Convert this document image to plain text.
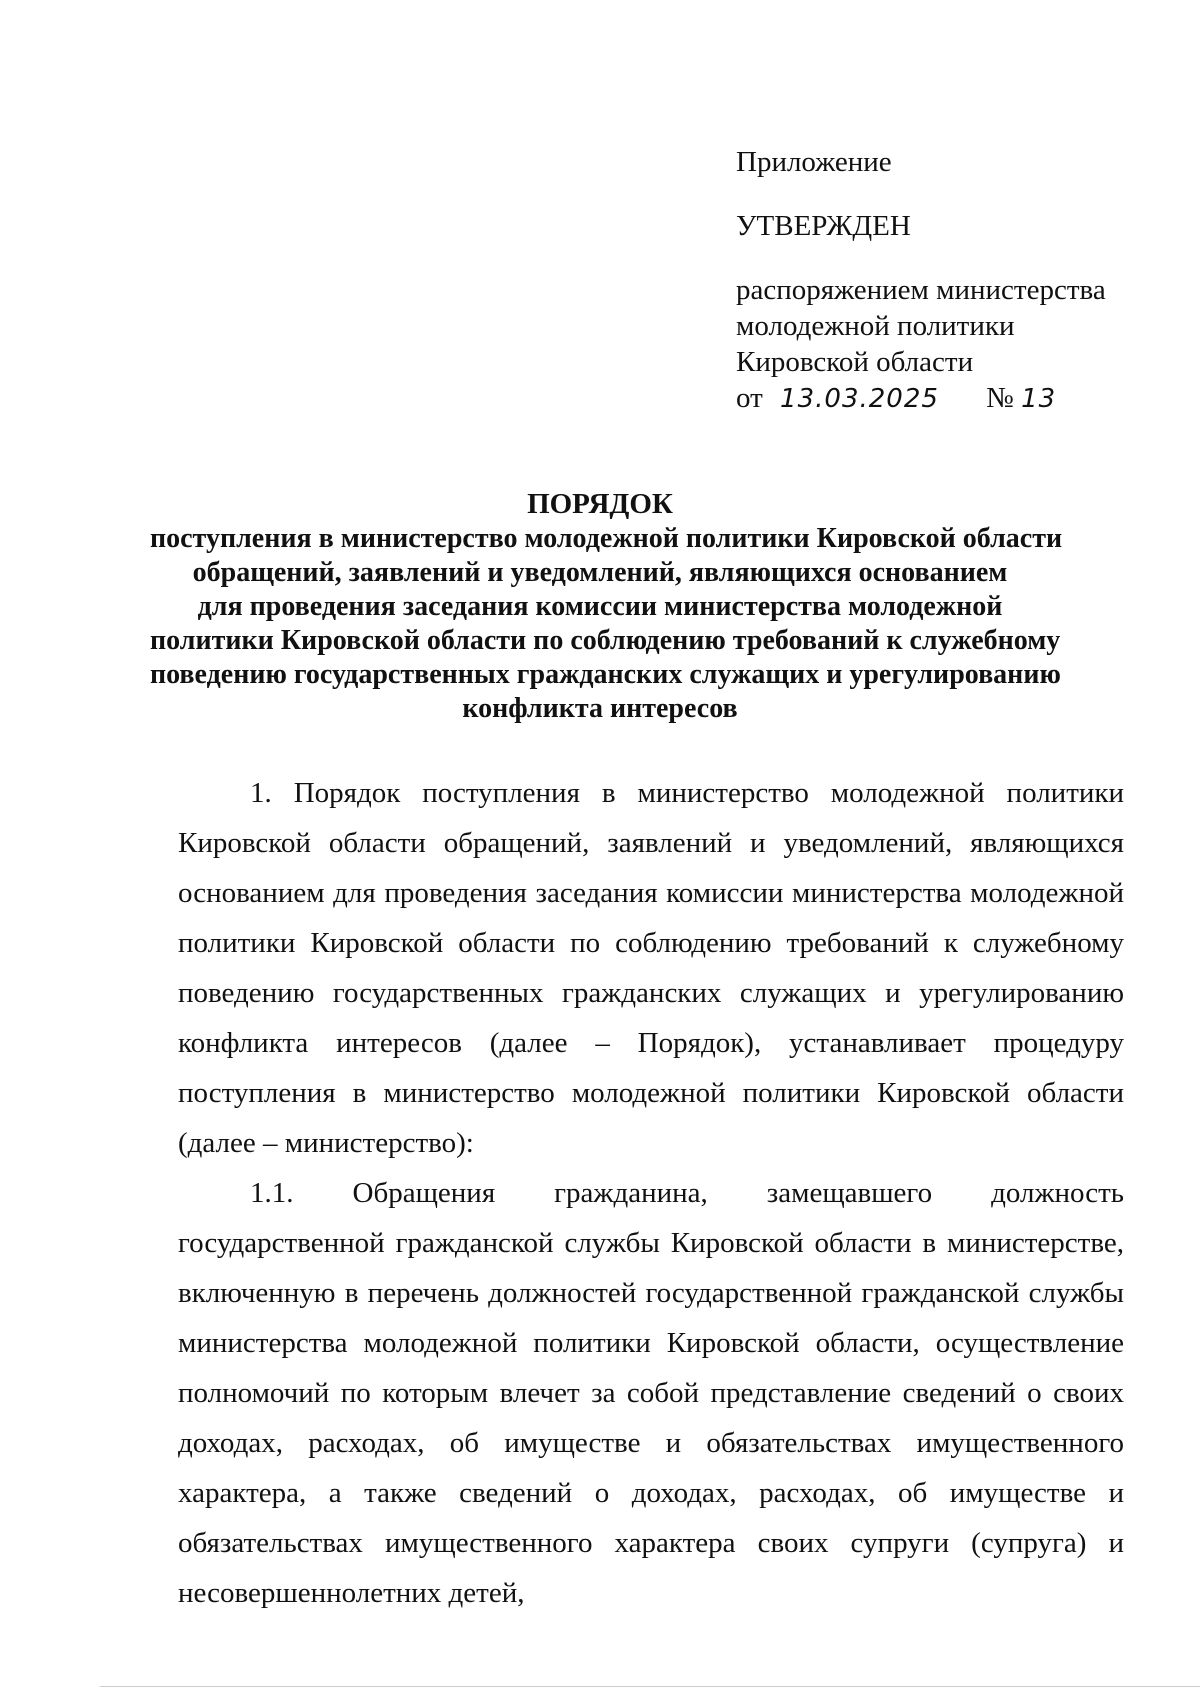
Приложение
УТВЕРЖДЕН
распоряжением министерства
молодежной политики
Кировской области
от 13.03.2025 № 13
ПОРЯДОК
поступления в министерство молодежной политики Кировской области
обращений, заявлений и уведомлений, являющихся основанием
для проведения заседания комиссии министерства молодежной
политики Кировской области по соблюдению требований к служебному
поведению государственных гражданских служащих и урегулированию
конфликта интересов

1. Порядок поступления в министерство молодежной политики Кировской области обращений, заявлений и уведомлений, являющихся основанием для проведения заседания комиссии министерства молодежной политики Кировской области по соблюдению требований к служебному поведению государственных гражданских служащих и урегулированию конфликта интересов (далее – Порядок), устанавливает процедуру поступления в министерство молодежной политики Кировской области (далее – министерство):

1.1. Обращения гражданина, замещавшего должность государственной гражданской службы Кировской области в министерстве, включенную в перечень должностей государственной гражданской службы министерства молодежной политики Кировской области, осуществление полномочий по которым влечет за собой представление сведений о своих доходах, расходах, об имуществе и обязательствах имущественного характера, а также сведений о доходах, расходах, об имуществе и обязательствах имущественного характера своих супруги (супруга) и несовершеннолетних детей,
